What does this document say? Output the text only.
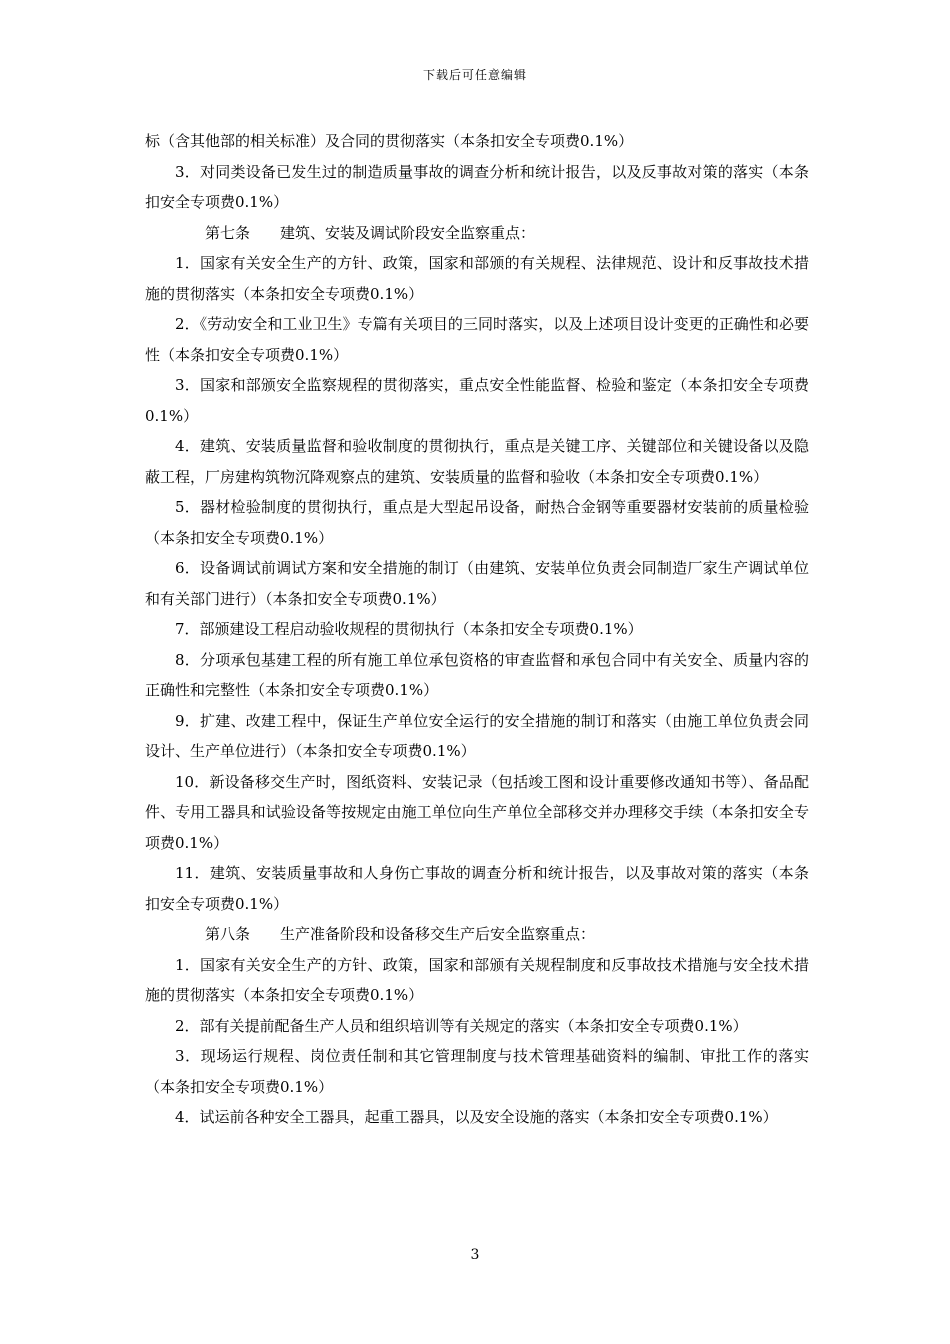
下载后可任意编辑

标（含其他部的相关标准）及合同的贯彻落实（本条扣安全专项费0.1%）

3．对同类设备已发生过的制造质量事故的调查分析和统计报告，以及反事故对策的落实（本条扣安全专项费0.1%）

第七条　　建筑、安装及调试阶段安全监察重点：

1．国家有关安全生产的方针、政策，国家和部颁的有关规程、法律规范、设计和反事故技术措施的贯彻落实（本条扣安全专项费0.1%）

2．《劳动安全和工业卫生》专篇有关项目的三同时落实，以及上述项目设计变更的正确性和必要性（本条扣安全专项费0.1%）

3．国家和部颁安全监察规程的贯彻落实，重点安全性能监督、检验和鉴定（本条扣安全专项费0.1%）

4．建筑、安装质量监督和验收制度的贯彻执行，重点是关键工序、关键部位和关键设备以及隐蔽工程，厂房建构筑物沉降观察点的建筑、安装质量的监督和验收（本条扣安全专项费0.1%）

5．器材检验制度的贯彻执行，重点是大型起吊设备，耐热合金钢等重要器材安装前的质量检验（本条扣安全专项费0.1%）

6．设备调试前调试方案和安全措施的制订（由建筑、安装单位负责会同制造厂家生产调试单位和有关部门进行）（本条扣安全专项费0.1%）

7．部颁建设工程启动验收规程的贯彻执行（本条扣安全专项费0.1%）

8．分项承包基建工程的所有施工单位承包资格的审查监督和承包合同中有关安全、质量内容的正确性和完整性（本条扣安全专项费0.1%）

9．扩建、改建工程中，保证生产单位安全运行的安全措施的制订和落实（由施工单位负责会同设计、生产单位进行）（本条扣安全专项费0.1%）

10．新设备移交生产时，图纸资料、安装记录（包括竣工图和设计重要修改通知书等）、备品配件、专用工器具和试验设备等按规定由施工单位向生产单位全部移交并办理移交手续（本条扣安全专项费0.1%）

11．建筑、安装质量事故和人身伤亡事故的调查分析和统计报告，以及事故对策的落实（本条扣安全专项费0.1%）

第八条　　生产准备阶段和设备移交生产后安全监察重点：

1．国家有关安全生产的方针、政策，国家和部颁有关规程制度和反事故技术措施与安全技术措施的贯彻落实（本条扣安全专项费0.1%）

2．部有关提前配备生产人员和组织培训等有关规定的落实（本条扣安全专项费0.1%）

3．现场运行规程、岗位责任制和其它管理制度与技术管理基础资料的编制、审批工作的落实（本条扣安全专项费0.1%）

4．试运前各种安全工器具，起重工器具，以及安全设施的落实（本条扣安全专项费0.1%）

3
